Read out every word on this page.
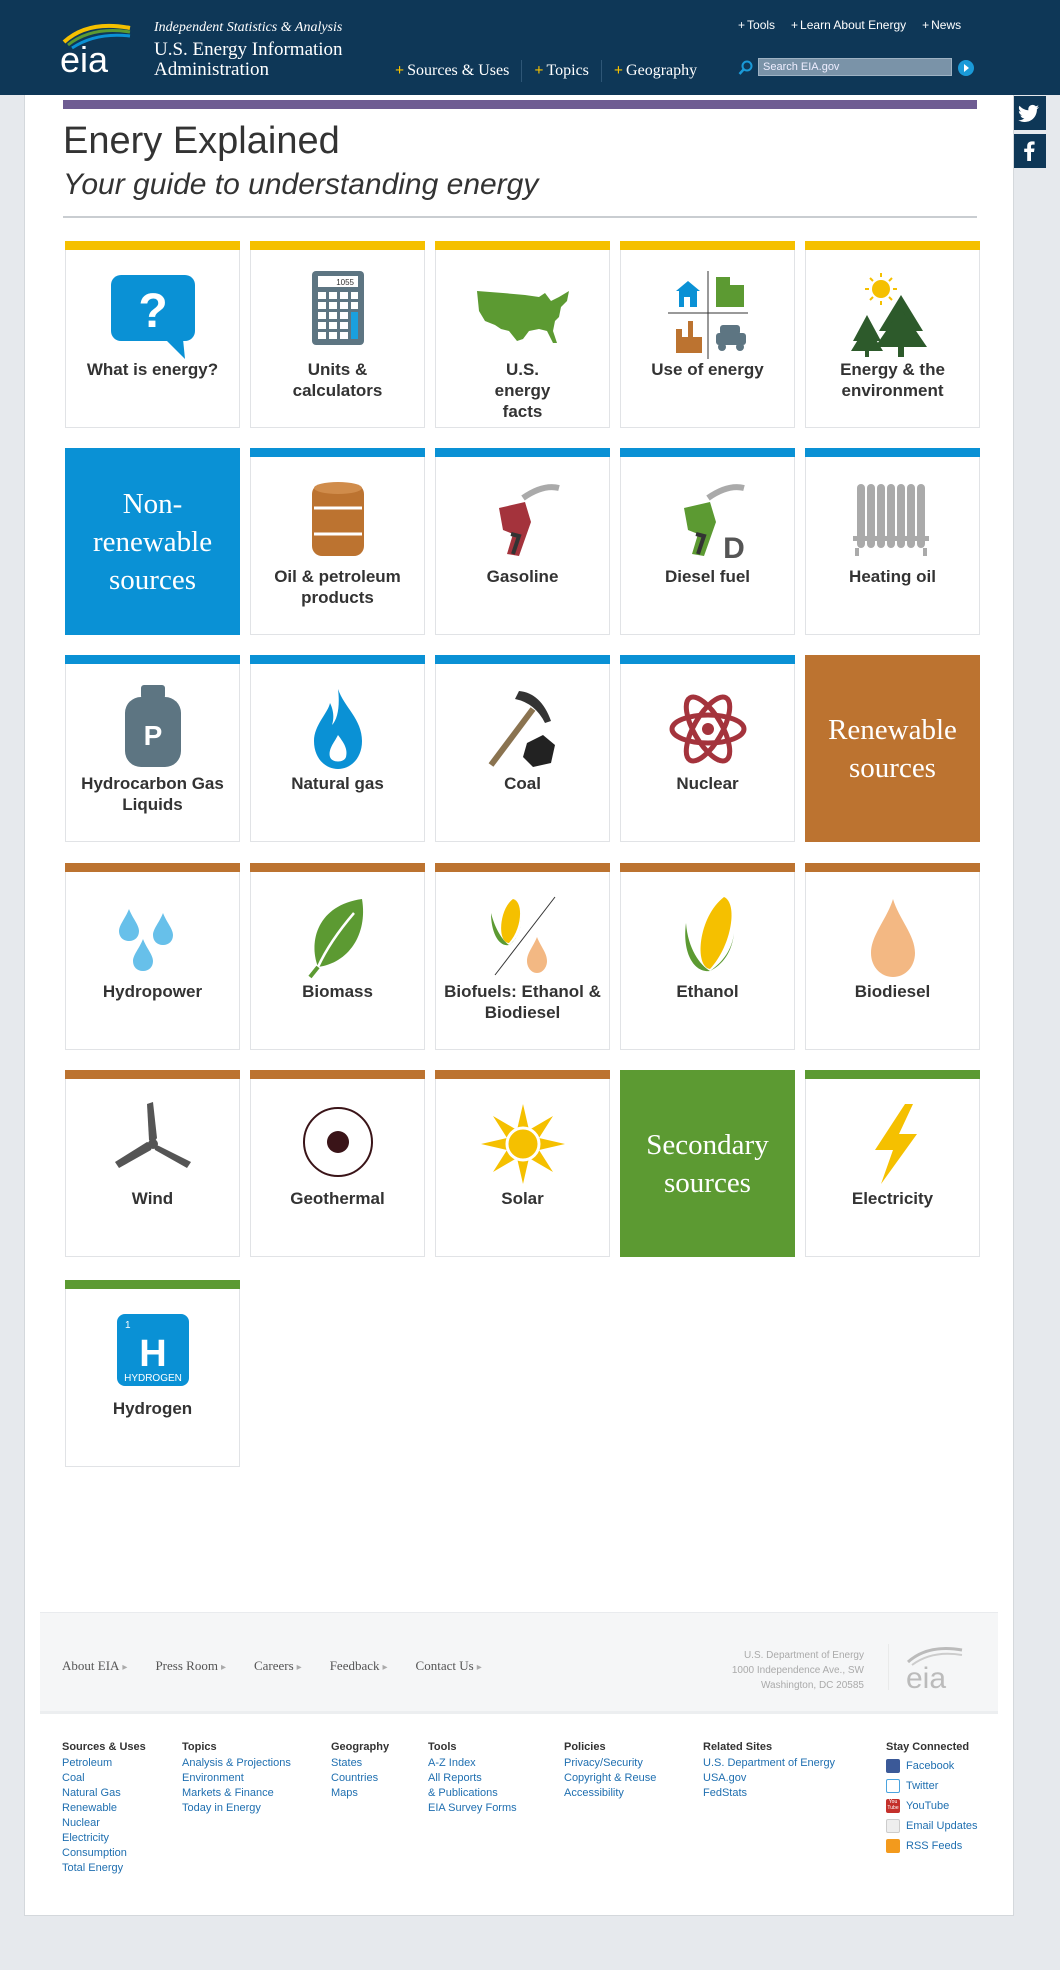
eia
Independent Statistics & Analysis
U.S. Energy Information Administration	+ Sources & Uses	+ Topics	+ Geography
+ Tools + Learn About Energy + News
Search EIA.gov
Enery Explained
Your guide to understanding energy
?
What is energy?
1055
Units & calculators
U.S. energy facts
Use of energy	Energy & the environment
Non-renewable sources	Oil & petroleum products
Gasoline
D
Diesel fuel	Heating oil
P
Hydrocarbon Gas Liquids
Natural gas	Coal	Nuclear
Renewable sources
Hydropower	Biomass	Biofuels: Ethanol & Biodiesel
Ethanol	Biodiesel
Wind	Geothermal	Solar
Secondary sources	Electricity
1
H
HYDROGEN
Hydrogen
About EIA ▸ Press Room ▸ Careers ▸ Feedback ▸ Contact Us ▸
U.S. Department of Energy
1000 Independence Ave., SW
Washington, DC 20585 eia
Sources & Uses
Petroleum
Coal
Natural Gas
Renewable
Nuclear
Electricity
Consumption
Total Energy
Topics
Analysis & Projections
Environment
Markets & Finance
Today in Energy
Geography
States
Countries
Maps
Tools
A-Z Index
All Reports
& Publications
EIA Survey Forms
Policies
Privacy/Security
Copyright & Reuse
Accessibility
Related Sites
U.S. Department of Energy
USA.gov
FedStats
Stay Connected
Facebook
Twitter
You Tube YouTube
Email Updates
RSS Feeds
